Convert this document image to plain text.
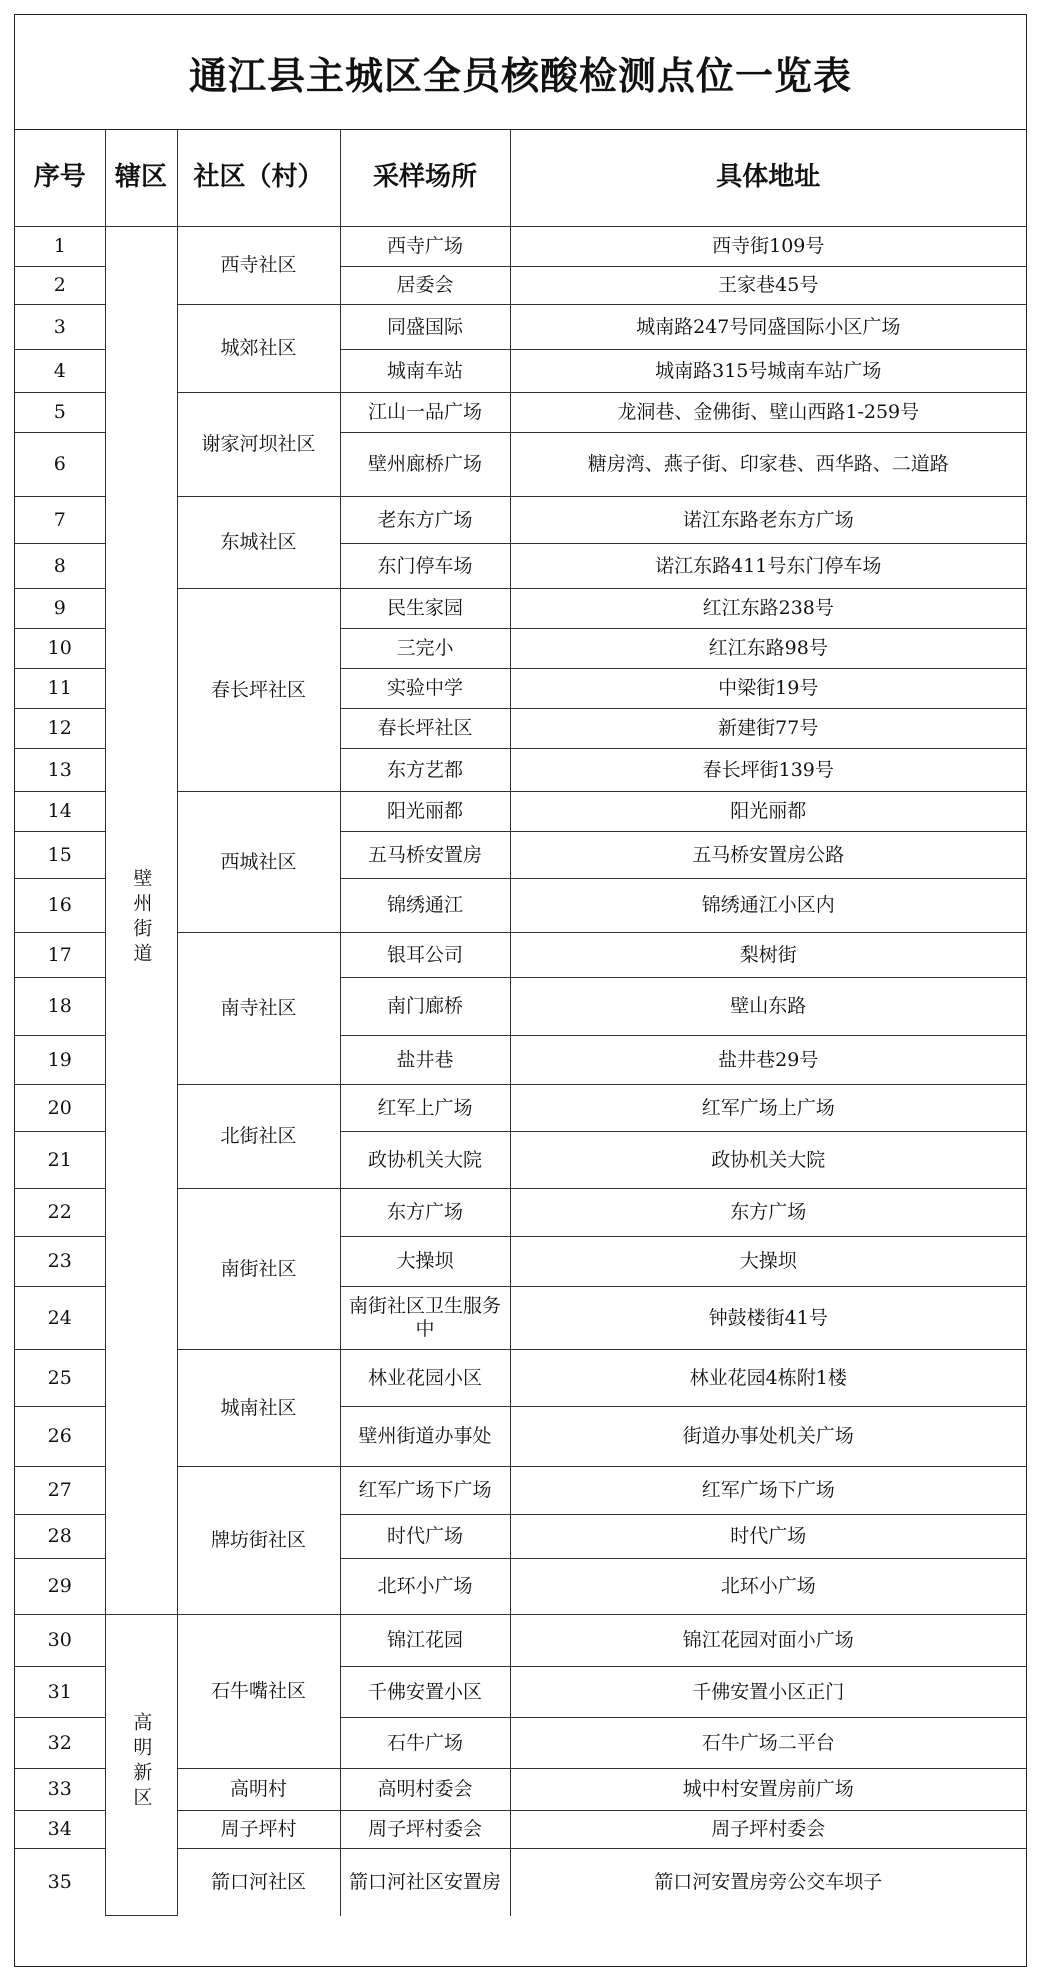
通江县主城区全员核酸检测点位一览表
序号	辖区	社区（村）	采样场所	具体地址
1	壁州街道	西寺社区	西寺广场	西寺街109号
2			居委会	王家巷45号
3		城郊社区	同盛国际	城南路247号同盛国际小区广场
4			城南车站	城南路315号城南车站广场
5		谢家河坝社区	江山一品广场	龙洞巷、金佛街、壁山西路1-259号
6			壁州廊桥广场	糖房湾、燕子街、印家巷、西华路、二道路
7		东城社区	老东方广场	诺江东路老东方广场
8			东门停车场	诺江东路411号东门停车场
9		春长坪社区	民生家园	红江东路238号
10			三完小	红江东路98号
11			实验中学	中梁街19号
12			春长坪社区	新建街77号
13			东方艺都	春长坪街139号
14		西城社区	阳光丽都	阳光丽都
15			五马桥安置房	五马桥安置房公路
16			锦绣通江	锦绣通江小区内
17		南寺社区	银耳公司	梨树街
18			南门廊桥	壁山东路
19			盐井巷	盐井巷29号
20		北街社区	红军上广场	红军广场上广场
21			政协机关大院	政协机关大院
22		南街社区	东方广场	东方广场
23			大操坝	大操坝
24			南街社区卫生服务中	钟鼓楼街41号
25		城南社区	林业花园小区	林业花园4栋附1楼
26			壁州街道办事处	街道办事处机关广场
27		牌坊街社区	红军广场下广场	红军广场下广场
28			时代广场	时代广场
29			北环小广场	北环小广场
30	高明新区	石牛嘴社区	锦江花园	锦江花园对面小广场
31			千佛安置小区	千佛安置小区正门
32			石牛广场	石牛广场二平台
33		高明村	高明村委会	城中村安置房前广场
34		周子坪村	周子坪村委会	周子坪村委会
35		箭口河社区	箭口河社区安置房	箭口河安置房旁公交车坝子
